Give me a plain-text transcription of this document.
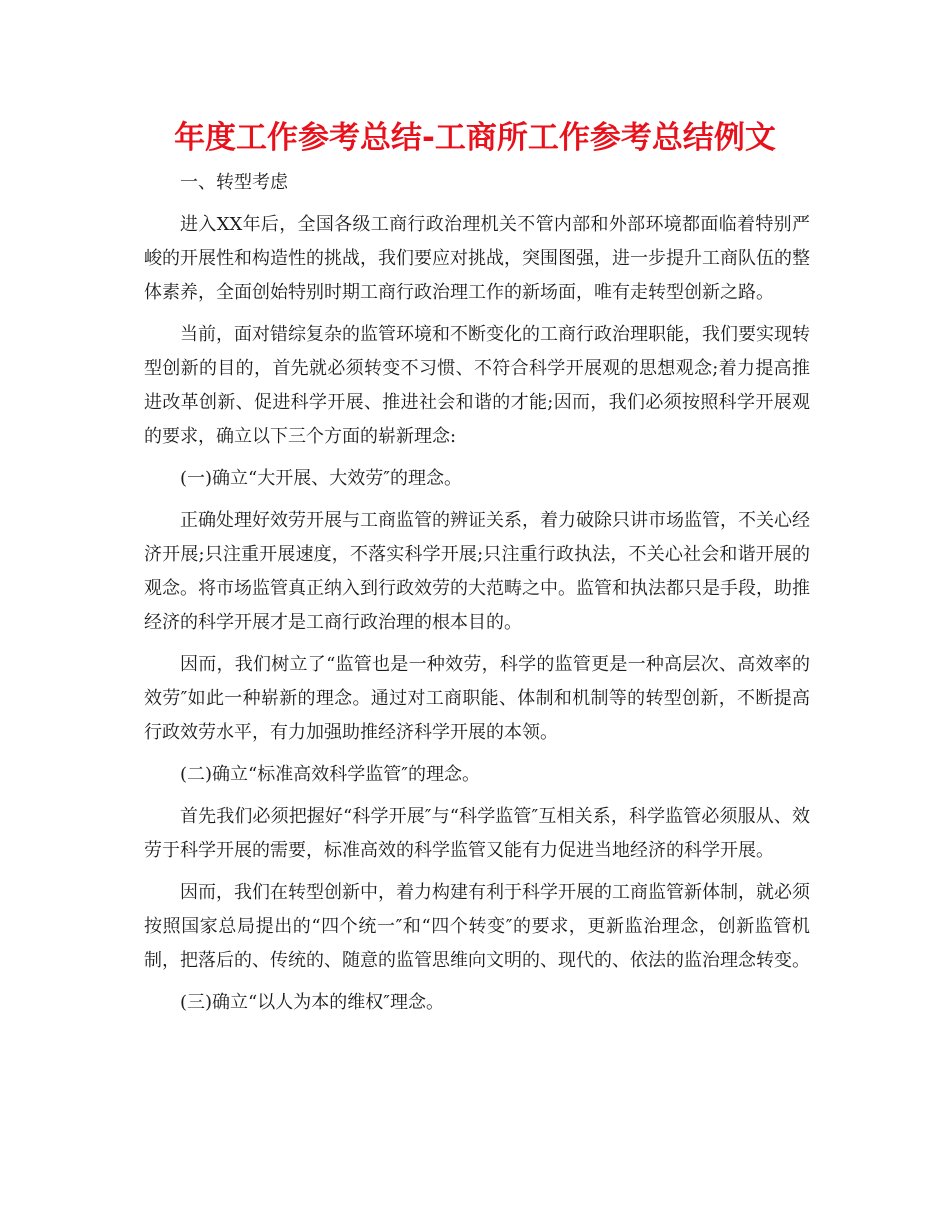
年度工作参考总结-工商所工作参考总结例文

一、转型考虑

进入XX年后，全国各级工商行政治理机关不管内部和外部环境都面临着特别严峻的开展性和构造性的挑战，我们要应对挑战，突围图强，进一步提升工商队伍的整体素养，全面创始特别时期工商行政治理工作的新场面，唯有走转型创新之路。

当前，面对错综复杂的监管环境和不断变化的工商行政治理职能，我们要实现转型创新的目的，首先就必须转变不习惯、不符合科学开展观的思想观念;着力提高推进改革创新、促进科学开展、推进社会和谐的才能;因而，我们必须按照科学开展观的要求，确立以下三个方面的崭新理念:

(一)确立“大开展、大效劳″的理念。

正确处理好效劳开展与工商监管的辨证关系，着力破除只讲市场监管，不关心经济开展;只注重开展速度，不落实科学开展;只注重行政执法，不关心社会和谐开展的观念。将市场监管真正纳入到行政效劳的大范畴之中。监管和执法都只是手段，助推经济的科学开展才是工商行政治理的根本目的。

因而，我们树立了“监管也是一种效劳，科学的监管更是一种高层次、高效率的效劳″如此一种崭新的理念。通过对工商职能、体制和机制等的转型创新，不断提高行政效劳水平，有力加强助推经济科学开展的本领。

(二)确立“标准高效科学监管″的理念。

首先我们必须把握好“科学开展″与“科学监管″互相关系，科学监管必须服从、效劳于科学开展的需要，标准高效的科学监管又能有力促进当地经济的科学开展。

因而，我们在转型创新中，着力构建有利于科学开展的工商监管新体制，就必须按照国家总局提出的“四个统一″和“四个转变″的要求，更新监治理念，创新监管机制，把落后的、传统的、随意的监管思维向文明的、现代的、依法的监治理念转变。

(三)确立“以人为本的维权″理念。
